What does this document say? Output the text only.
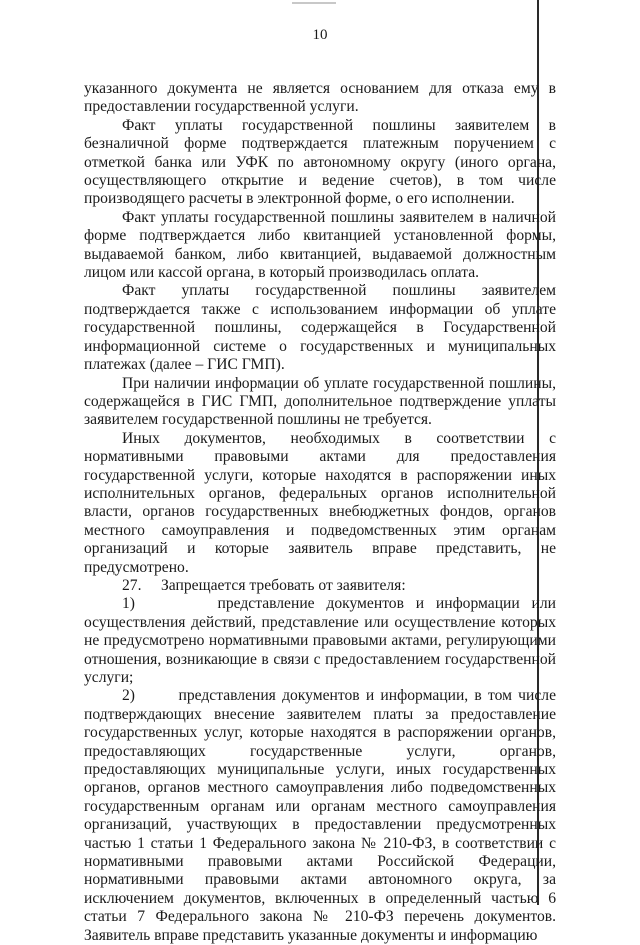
10

указанного документа не является основанием для отказа ему в предоставлении государственной услуги.

Факт уплаты государственной пошлины заявителем в безналичной форме подтверждается платежным поручением с отметкой банка или УФК по автономному округу (иного органа, осуществляющего открытие и ведение счетов), в том числе производящего расчеты в электронной форме, о его исполнении.

Факт уплаты государственной пошлины заявителем в наличной форме подтверждается либо квитанцией установленной формы, выдаваемой банком, либо квитанцией, выдаваемой должностным лицом или кассой органа, в который производилась оплата.

Факт уплаты государственной пошлины заявителем подтверждается также с использованием информации об уплате государственной пошлины, содержащейся в Государственной информационной системе о государственных и муниципальных платежах (далее – ГИС ГМП).

При наличии информации об уплате государственной пошлины, содержащейся в ГИС ГМП, дополнительное подтверждение уплаты заявителем государственной пошлины не требуется.

Иных документов, необходимых в соответствии с нормативными правовыми актами для предоставления государственной услуги, которые находятся в распоряжении иных исполнительных органов, федеральных органов исполнительной власти, органов государственных внебюджетных фондов, органов местного самоуправления и подведомственных этим органам организаций и которые заявитель вправе представить, не предусмотрено.

27.     Запрещается требовать от заявителя:

1)       представление документов и информации или осуществления действий, представление или осуществление которых не предусмотрено нормативными правовыми актами, регулирующими отношения, возникающие в связи с предоставлением государственной услуги;

2)       представления документов и информации, в том числе подтверждающих внесение заявителем платы за предоставление государственных услуг, которые находятся в распоряжении органов, предоставляющих государственные услуги, органов, предоставляющих муниципальные услуги, иных государственных органов, органов местного самоуправления либо подведомственных государственным органам или органам местного самоуправления организаций, участвующих в предоставлении предусмотренных частью 1 статьи 1 Федерального закона № 210-ФЗ, в соответствии с нормативными правовыми актами Российской Федерации, нормативными правовыми актами автономного округа, за исключением документов, включенных в определенный частью 6 статьи 7 Федерального закона № 210-ФЗ перечень документов. Заявитель вправе представить указанные документы и информацию
